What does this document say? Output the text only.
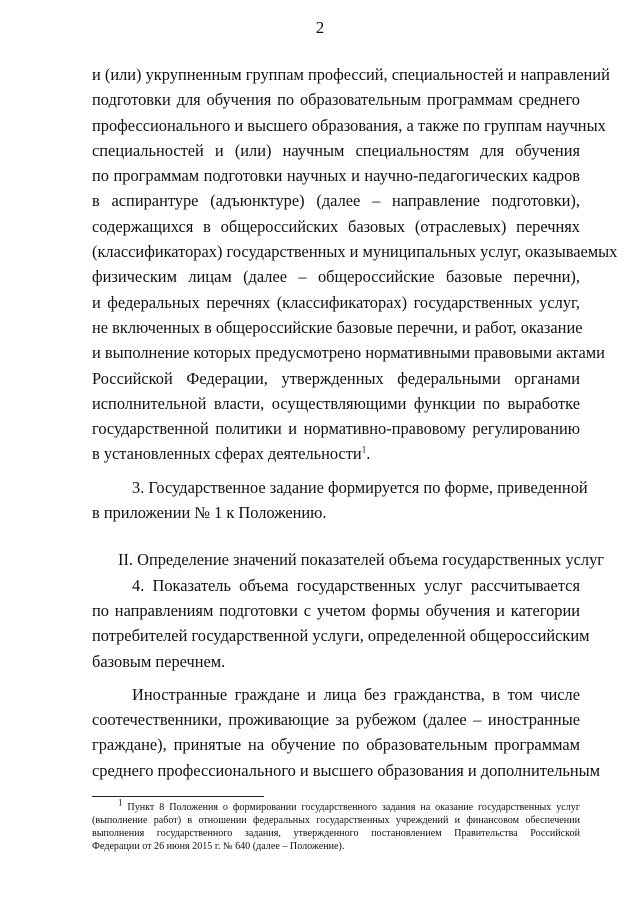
2
и (или) укрупненным группам профессий, специальностей и направлений
подготовки для обучения по образовательным программам среднего
профессионального и высшего образования, а также по группам научных
специальностей и (или) научным специальностям для обучения
по программам подготовки научных и научно-педагогических кадров
в аспирантуре (адъюнктуре) (далее – направление подготовки),
содержащихся в общероссийских базовых (отраслевых) перечнях
(классификаторах) государственных и муниципальных услуг, оказываемых
физическим лицам (далее – общероссийские базовые перечни),
и федеральных перечнях (классификаторах) государственных услуг,
не включенных в общероссийские базовые перечни, и работ, оказание
и выполнение которых предусмотрено нормативными правовыми актами
Российской Федерации, утвержденных федеральными органами
исполнительной власти, осуществляющими функции по выработке
государственной политики и нормативно-правовому регулированию
в установленных сферах деятельности$^1$.
3. Государственное задание формируется по форме, приведенной
в приложении № 1 к Положению.
II. Определение значений показателей объема государственных услуг
4. Показатель объема государственных услуг рассчитывается
по направлениям подготовки с учетом формы обучения и категории
потребителей государственной услуги, определенной общероссийским
базовым перечнем.
Иностранные граждане и лица без гражданства, в том числе
соотечественники, проживающие за рубежом (далее – иностранные
граждане), принятые на обучение по образовательным программам
среднего профессионального и высшего образования и дополнительным
$^1$ Пункт 8 Положения о формировании государственного задания на оказание государственных услуг
(выполнение работ) в отношении федеральных государственных учреждений и финансовом обеспечении
выполнения государственного задания, утвержденного постановлением Правительства Российской
Федерации от 26 июня 2015 г. № 640 (далее – Положение).
